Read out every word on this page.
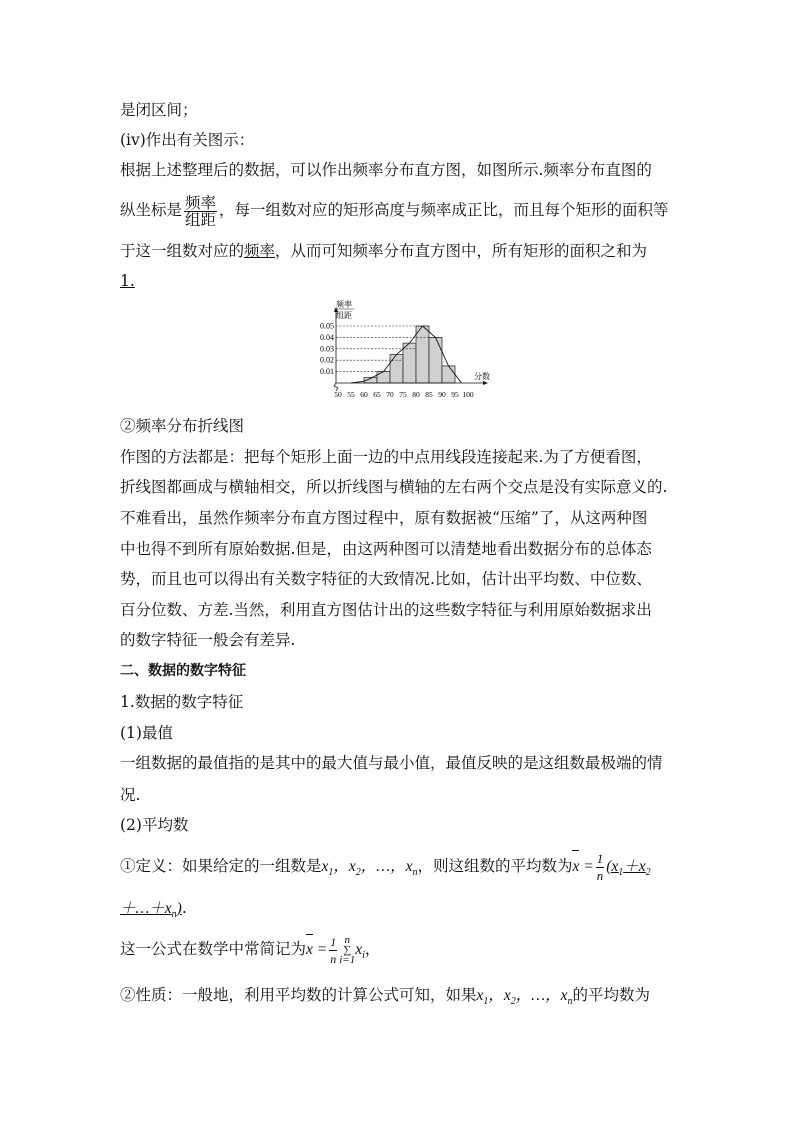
是闭区间；
(iv)作出有关图示：
根据上述整理后的数据，可以作出频率分布直方图，如图所示.频率分布直图的
纵坐标是 $\frac{\text{频率}}{\text{组距}}$ ，每一组数对应的矩形高度与频率成正比，而且每个矩形的面积等
于这一组数对应的频率，从而可知频率分布直方图中，所有矩形的面积之和为
1.
0.01
0.02
0.03
0.04
0.05
50 55 60 65 70 75 80 85 90 95 100
频率
组距
分数
②频率分布折线图
作图的方法都是：把每个矩形上面一边的中点用线段连接起来.为了方便看图，
折线图都画成与横轴相交，所以折线图与横轴的左右两个交点是没有实际意义的.
不难看出，虽然作频率分布直方图过程中，原有数据被“压缩”了，从这两种图
中也得不到所有原始数据.但是，由这两种图可以清楚地看出数据分布的总体态
势，而且也可以得出有关数字特征的大致情况.比如，估计出平均数、中位数、
百分位数、方差.当然，利用直方图估计出的这些数字特征与利用原始数据求出
的数字特征一般会有差异.
二、数据的数字特征
1.数据的数字特征
(1)最值
一组数据的最值指的是其中的最大值与最小值，最值反映的是这组数最极端的情
况.
(2)平均数
①定义：如果给定的一组数是$x_1$，$x_2$，…，$x_n$，则这组数的平均数为$x = \frac{1}{n} (x_1+x_2$
$+\dots+x_n$).
这一公式在数学中常简记为$x = \frac{1}{n}$ n
∑
i=1
$x_i$，
②性质：一般地，利用平均数的计算公式可知，如果$x_1$，$x_2$，…，$x_n$的平均数为
